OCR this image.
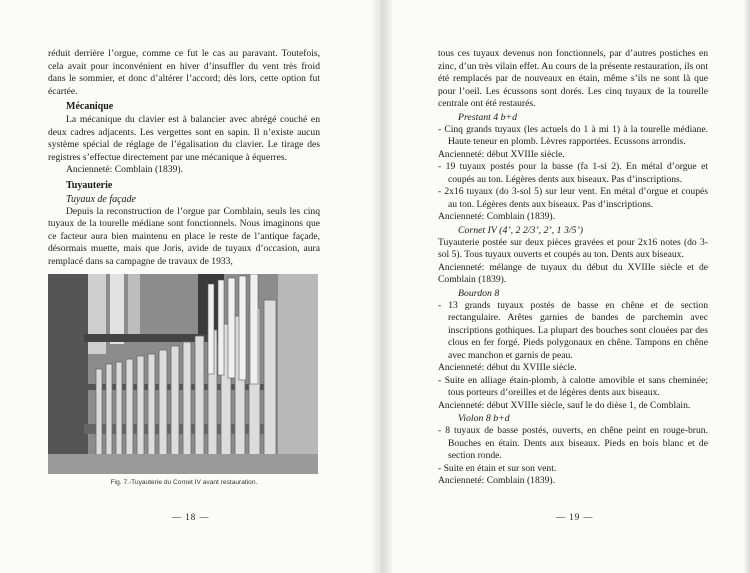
réduit derrière l’orgue, comme ce fut le cas au paravant. Toutefois, cela avait pour inconvénient en hiver d’insuffler du vent très froid dans le sommier, et donc d’altérer l’accord; dès lors, cette option fut écartée.

Mécanique

La mécanique du clavier est à balancier avec abrégé couché en deux cadres adjacents. Les vergettes sont en sapin. Il n’existe aucun système spécial de réglage de l’égalisation du clavier. Le tirage des registres s’effectue directement par une mécanique à équerres.

Ancienneté: Comblain (1839).

Tuyauterie

Tuyaux de façade

Depuis la reconstruction de l’orgue par Comblain, seuls les cinq tuyaux de la tourelle médiane sont fonctionnels. Nous imaginons que ce facteur aura bien maintenu en place le reste de l’antique façade, désormais muette, mais que Joris, avide de tuyaux d’occasion, aura remplacé dans sa campagne de travaux de 1933,

Fig. 7.-Tuyauterie du Cornet IV avant restauration.
— 18 —

tous ces tuyaux devenus non fonctionnels, par d’autres postiches en zinc, d’un très vilain effet. Au cours de la présente restauration, ils ont été remplacés par de nouveaux en étain, même s’ils ne sont là que pour l’oeil. Les écussons sont dorés. Les cinq tuyaux de la tourelle centrale ont été restaurés.

Prestant 4 b+d

- Cinq grands tuyaux (les actuels do 1 à mi 1) à la tourelle médiane. Haute teneur en plomb. Lèvres rapportées. Ecussons arrondis.

Ancienneté: début XVIIIe siècle.

- 19 tuyaux postés pour la basse (fa 1-si 2). En métal d’orgue et coupés au ton. Légères dents aux biseaux. Pas d’inscriptions.

- 2x16 tuyaux (do 3-sol 5) sur leur vent. En métal d’orgue et coupés au ton. Légères dents aux biseaux. Pas d’inscriptions.

Ancienneté: Comblain (1839).

Cornet IV (4’, 2 2/3’, 2’, 1 3/5’)

Tuyauterie postée sur deux pièces gravées et pour 2x16 notes (do 3-sol 5). Tous tuyaux ouverts et coupés au ton. Dents aux biseaux.

Ancienneté: mélange de tuyaux du début du XVIIIe siècle et de Comblain (1839).

Bourdon 8

- 13 grands tuyaux postés de basse en chêne et de section rectangulaire. Arêtes garnies de bandes de parchemin avec inscriptions gothiques. La plupart des bouches sont clouées par des clous en fer forgé. Pieds polygonaux en chêne. Tampons en chêne avec manchon et garnis de peau.

Ancienneté: début du XVIIIe siècle.

- Suite en alliage étain-plomb, à calotte amovible et sans cheminée; tous porteurs d’oreilles et de légères dents aux biseaux.

Ancienneté: début XVIIIe siècle, sauf le do dièse 1, de Comblain.

Violon 8 b+d

- 8 tuyaux de basse postés, ouverts, en chêne peint en rouge-brun. Bouches en étain. Dents aux biseaux. Pieds en bois blanc et de section ronde.

- Suite en étain et sur son vent.

Ancienneté: Comblain (1839).

— 19 —
